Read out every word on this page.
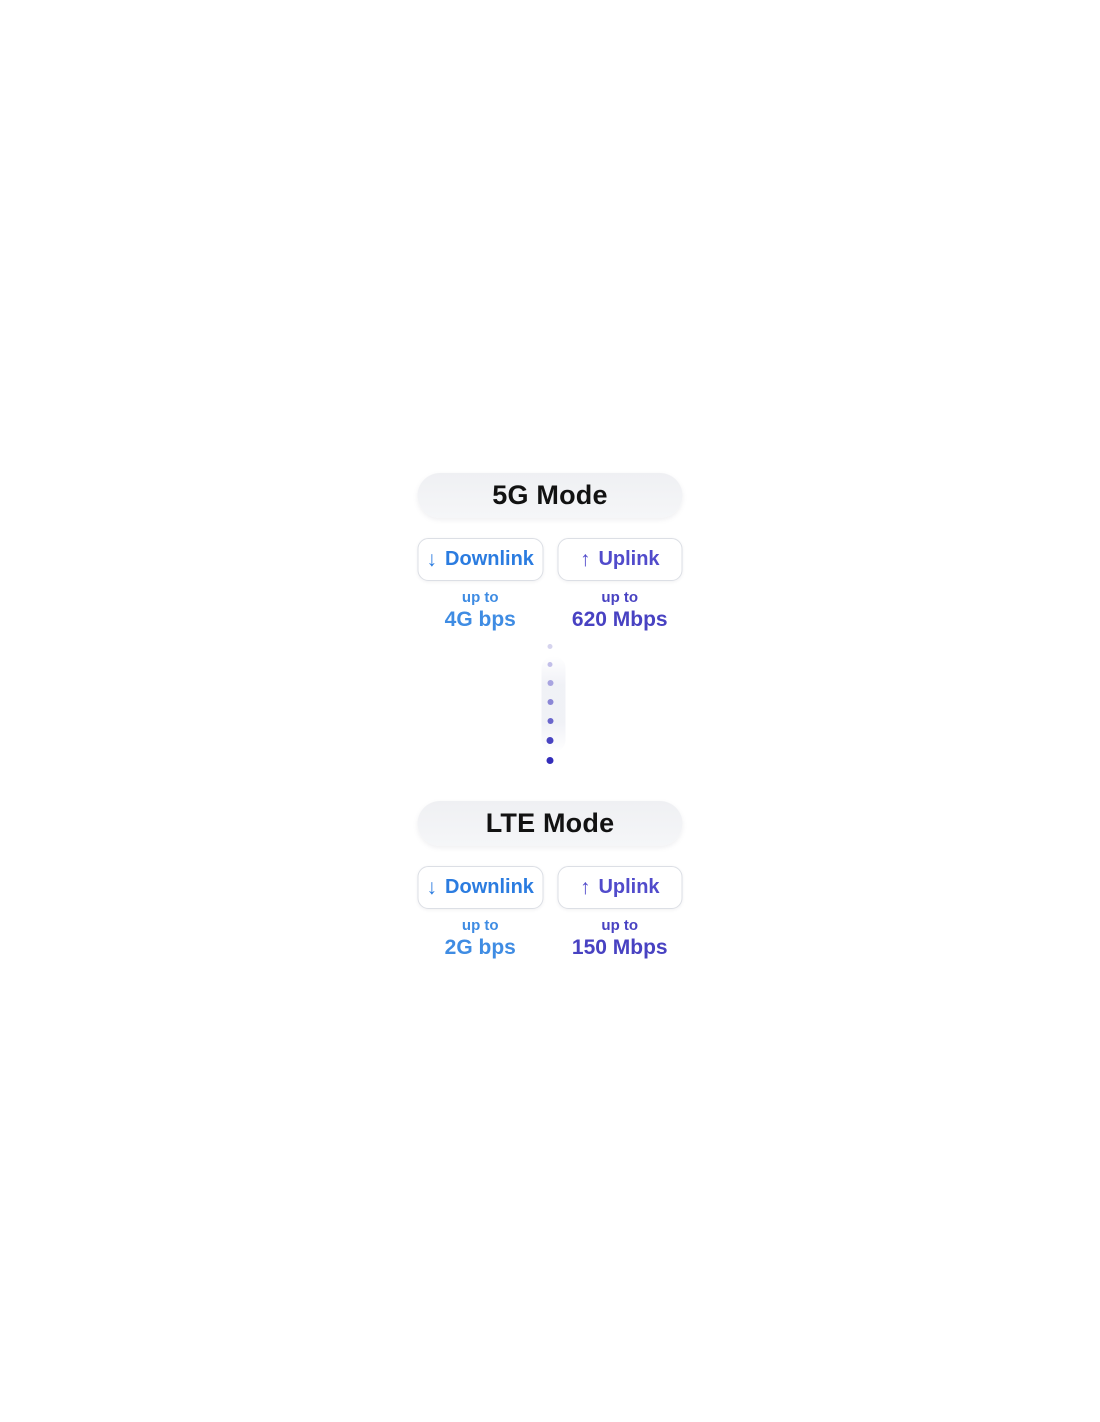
5G Mode
↓ Downlink ↑ Uplink
up to
4G bps
up to
620 Mbps
LTE Mode
↓ Downlink ↑ Uplink
up to
2G bps
up to
150 Mbps
